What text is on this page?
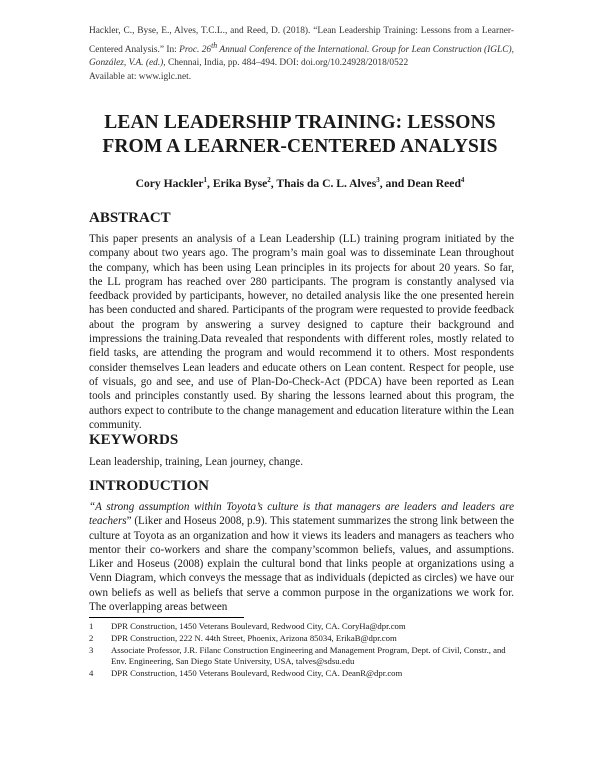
Hackler, C., Byse, E., Alves, T.C.L., and Reed, D. (2018). “Lean Leadership Training: Lessons from a Learner-Centered Analysis.” In: Proc. 26th Annual Conference of the International. Group for Lean Construction (IGLC), González, V.A. (ed.), Chennai, India, pp. 484–494. DOI: doi.org/10.24928/2018/0522
Available at: www.iglc.net.
LEAN LEADERSHIP TRAINING: LESSONS
FROM A LEARNER-CENTERED ANALYSIS
Cory Hackler$^1$, Erika Byse$^2$, Thais da C. L. Alves$^3$, and Dean Reed$^4$
ABSTRACT

This paper presents an analysis of a Lean Leadership (LL) training program initiated by the company about two years ago. The program’s main goal was to disseminate Lean throughout the company, which has been using Lean principles in its projects for about 20 years. So far, the LL program has reached over 280 participants. The program is constantly analysed via feedback provided by participants, however, no detailed analysis like the one presented herein has been conducted and shared. Participants of the program were requested to provide feedback about the program by answering a survey designed to capture their background and impressions the training.Data revealed that respondents with different roles, mostly related to field tasks, are attending the program and would recommend it to others. Most respondents consider themselves Lean leaders and educate others on Lean content. Respect for people, use of visuals, go and see, and use of Plan-Do-Check-Act (PDCA) have been reported as Lean tools and principles constantly used. By sharing the lessons learned about this program, the authors expect to contribute to the change management and education literature within the Lean community.

KEYWORDS

Lean leadership, training, Lean journey, change.

INTRODUCTION

“A strong assumption within Toyota’s culture is that managers are leaders and leaders are teachers” (Liker and Hoseus 2008, p.9). This statement summarizes the strong link between the culture at Toyota as an organization and how it views its leaders and managers as teachers who mentor their co-workers and share the company’scommon beliefs, values, and assumptions. Liker and Hoseus (2008) explain the cultural bond that links people at organizations using a Venn Diagram, which conveys the message that as individuals (depicted as circles) we have our own beliefs as well as beliefs that serve a common purpose in the organizations we work for. The overlapping areas between

1 DPR Construction, 1450 Veterans Boulevard, Redwood City, CA. CoryHa@dpr.com
2 DPR Construction, 222 N. 44th Street, Phoenix, Arizona 85034, ErikaB@dpr.com
3 Associate Professor, J.R. Filanc Construction Engineering and Management Program, Dept. of Civil, Constr., and Env. Engineering, San Diego State University, USA, talves@sdsu.edu
4 DPR Construction, 1450 Veterans Boulevard, Redwood City, CA. DeanR@dpr.com
